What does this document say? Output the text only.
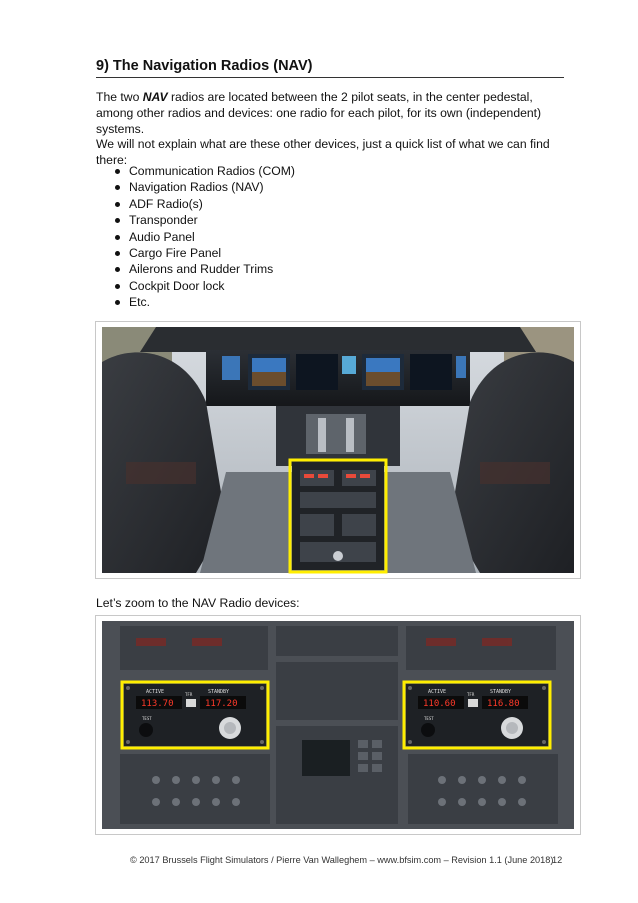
9) The Navigation Radios (NAV)
The two NAV radios are located between the 2 pilot seats, in the center pedestal, among other radios and devices: one radio for each pilot, for its own (independent) systems.
We will not explain what are these other devices, just a quick list of what we can find there:
Communication Radios (COM)
Navigation Radios (NAV)
ADF Radio(s)
Transponder
Audio Panel
Cargo Fire Panel
Ailerons and Rudder Trims
Cockpit Door lock
Etc.
Let’s zoom to the NAV Radio devices:
ACTIVE	STANDBY
113.70
TFR
117.20
TEST
ACTIVE	STANDBY
110.60
TFR
116.80
TEST
© 2017 Brussels Flight Simulators / Pierre Van Walleghem – www.bfsim.com – Revision 1.1 (June 2018)
12
